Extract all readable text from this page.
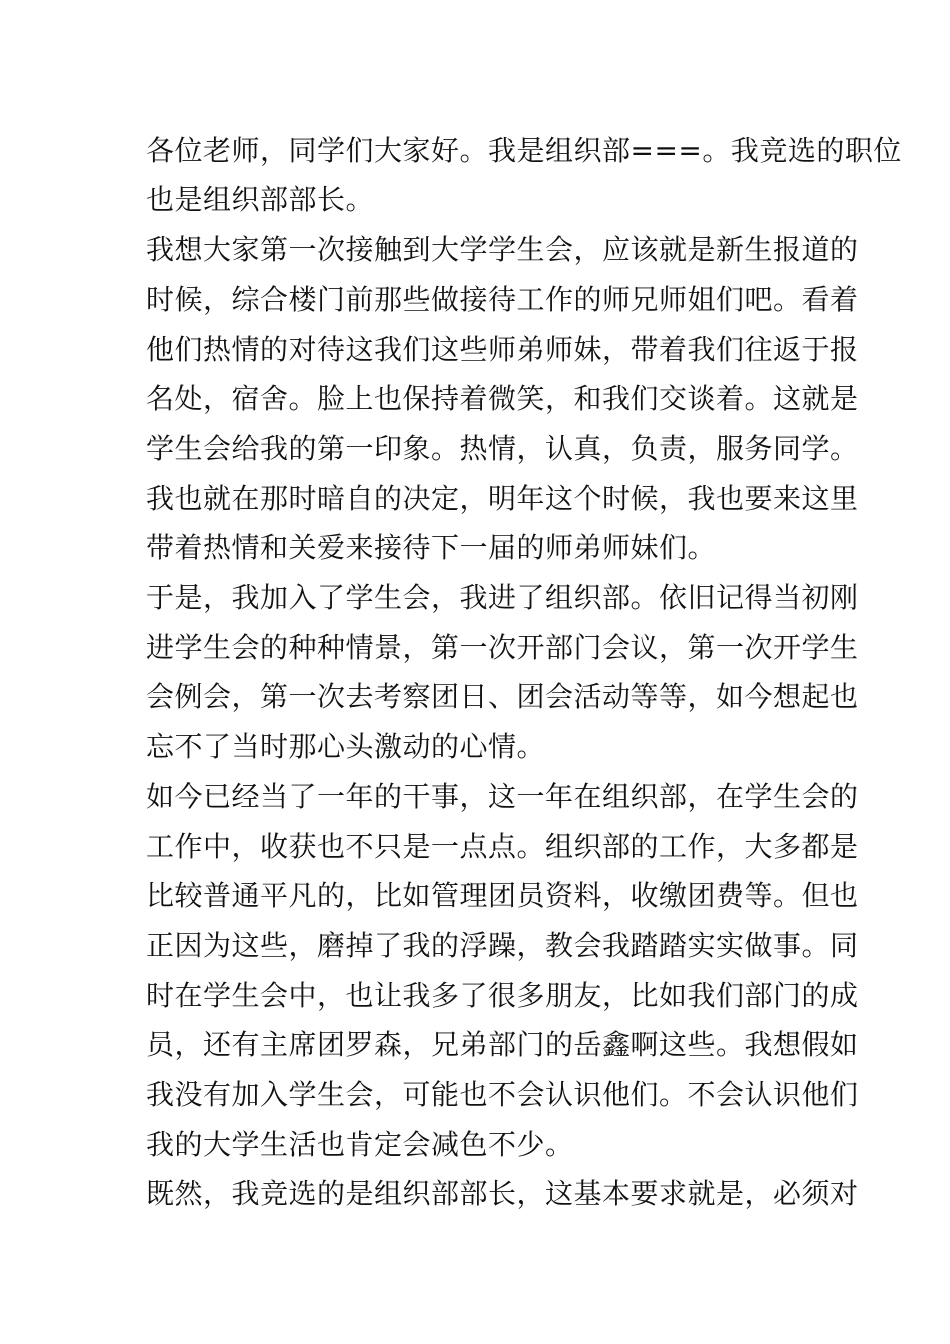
各位老师，同学们大家好。我是组织部===。我竞选的职位
也是组织部部长。
我想大家第一次接触到大学学生会，应该就是新生报道的
时候，综合楼门前那些做接待工作的师兄师姐们吧。看着
他们热情的对待这我们这些师弟师妹，带着我们往返于报
名处，宿舍。脸上也保持着微笑，和我们交谈着。这就是
学生会给我的第一印象。热情，认真，负责，服务同学。
我也就在那时暗自的决定，明年这个时候，我也要来这里
带着热情和关爱来接待下一届的师弟师妹们。
于是，我加入了学生会，我进了组织部。依旧记得当初刚
进学生会的种种情景，第一次开部门会议，第一次开学生
会例会，第一次去考察团日、团会活动等等，如今想起也
忘不了当时那心头激动的心情。
如今已经当了一年的干事，这一年在组织部，在学生会的
工作中，收获也不只是一点点。组织部的工作，大多都是
比较普通平凡的，比如管理团员资料，收缴团费等。但也
正因为这些，磨掉了我的浮躁，教会我踏踏实实做事。同
时在学生会中，也让我多了很多朋友，比如我们部门的成
员，还有主席团罗森，兄弟部门的岳鑫啊这些。我想假如
我没有加入学生会，可能也不会认识他们。不会认识他们
我的大学生活也肯定会减色不少。
既然，我竞选的是组织部部长，这基本要求就是，必须对
